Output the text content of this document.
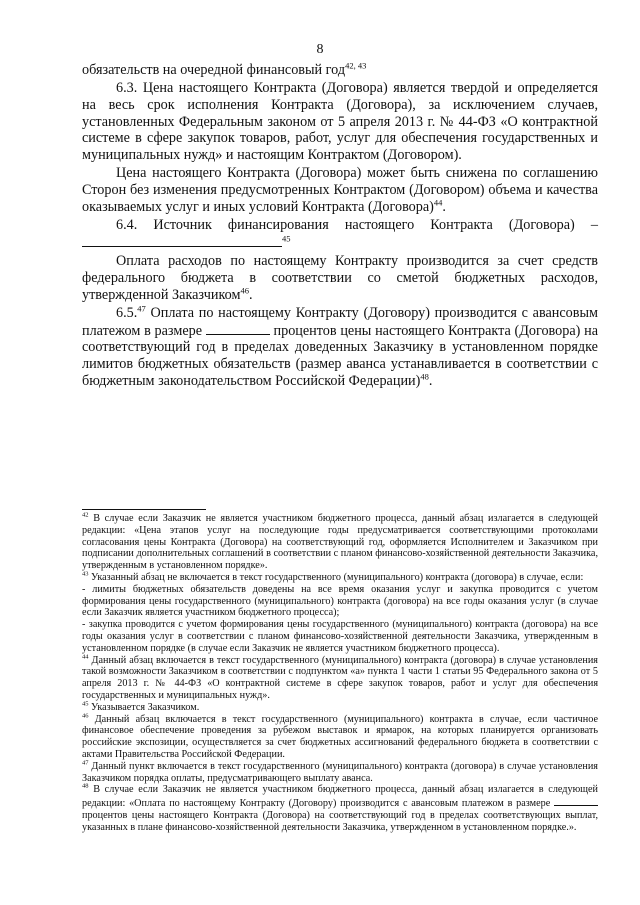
8

обязательств на очередной финансовый год$^{42, 43}$

6.3. Цена настоящего Контракта (Договора) является твердой и определяется на весь срок исполнения Контракта (Договора), за исключением случаев, установленных Федеральным законом от 5 апреля 2013 г. № 44-ФЗ «О контрактной системе в сфере закупок товаров, работ, услуг для обеспечения государственных и муниципальных нужд» и настоящим Контрактом (Договором).

Цена настоящего Контракта (Договора) может быть снижена по соглашению Сторон без изменения предусмотренных Контрактом (Договором) объема и качества оказываемых услуг и иных условий Контракта (Договора)$^{44}$.

6.4. Источник финансирования настоящего Контракта (Договора) –
$^{45}$

Оплата расходов по настоящему Контракту производится за счет средств федерального бюджета в соответствии со сметой бюджетных расходов, утвержденной Заказчиком$^{46}$.

6.5.47 Оплата по настоящему Контракту (Договору) производится с авансовым платежом в размере	процентов цены настоящего Контракта (Договора) на соответствующий год в пределах доведенных Заказчику в установленном порядке лимитов бюджетных обязательств (размер аванса устанавливается в соответствии с бюджетным законодательством Российской Федерации)$^{48}$.

$^{42}$ В случае если Заказчик не является участником бюджетного процесса, данный абзац излагается в следующей редакции: «Цена этапов услуг на последующие годы предусматривается соответствующими протоколами согласования цены Контракта (Договора) на соответствующий год, оформляется Исполнителем и Заказчиком при подписании дополнительных соглашений в соответствии с планом финансово-хозяйственной деятельности Заказчика, утвержденным в установленном порядке».

$^{43}$ Указанный абзац не включается в текст государственного (муниципального) контракта (договора) в случае, если:

- лимиты бюджетных обязательств доведены на все время оказания услуг и закупка проводится с учетом формирования цены государственного (муниципального) контракта (договора) на все годы оказания услуг (в случае если Заказчик является участником бюджетного процесса);

- закупка проводится с учетом формирования цены государственного (муниципального) контракта (договора) на все годы оказания услуг в соответствии с планом финансово-хозяйственной деятельности Заказчика, утвержденным в установленном порядке (в случае если Заказчик не является участником бюджетного процесса).

$^{44}$ Данный абзац включается в текст государственного (муниципального) контракта (договора) в случае установления такой возможности Заказчиком в соответствии с подпунктом «а» пункта 1 части 1 статьи 95 Федерального закона от 5 апреля 2013 г. № 44-ФЗ «О контрактной системе в сфере закупок товаров, работ и услуг для обеспечения государственных и муниципальных нужд».

$^{45}$ Указывается Заказчиком.

$^{46}$ Данный абзац включается в текст государственного (муниципального) контракта в случае, если частичное финансовое обеспечение проведения за рубежом выставок и ярмарок, на которых планируется организовать российские экспозиции, осуществляется за счет бюджетных ассигнований федерального бюджета в соответствии с актами Правительства Российской Федерации.

$^{47}$ Данный пункт включается в текст государственного (муниципального) контракта (договора) в случае установления Заказчиком порядка оплаты, предусматривающего выплату аванса.

$^{48}$ В случае если Заказчик не является участником бюджетного процесса, данный абзац излагается в следующей редакции: «Оплата по настоящему Контракту (Договору) производится с авансовым платежом в размере  процентов цены настоящего Контракта (Договора) на соответствующий год в пределах соответствующих выплат, указанных в плане финансово-хозяйственной деятельности Заказчика, утвержденном в установленном порядке.».
